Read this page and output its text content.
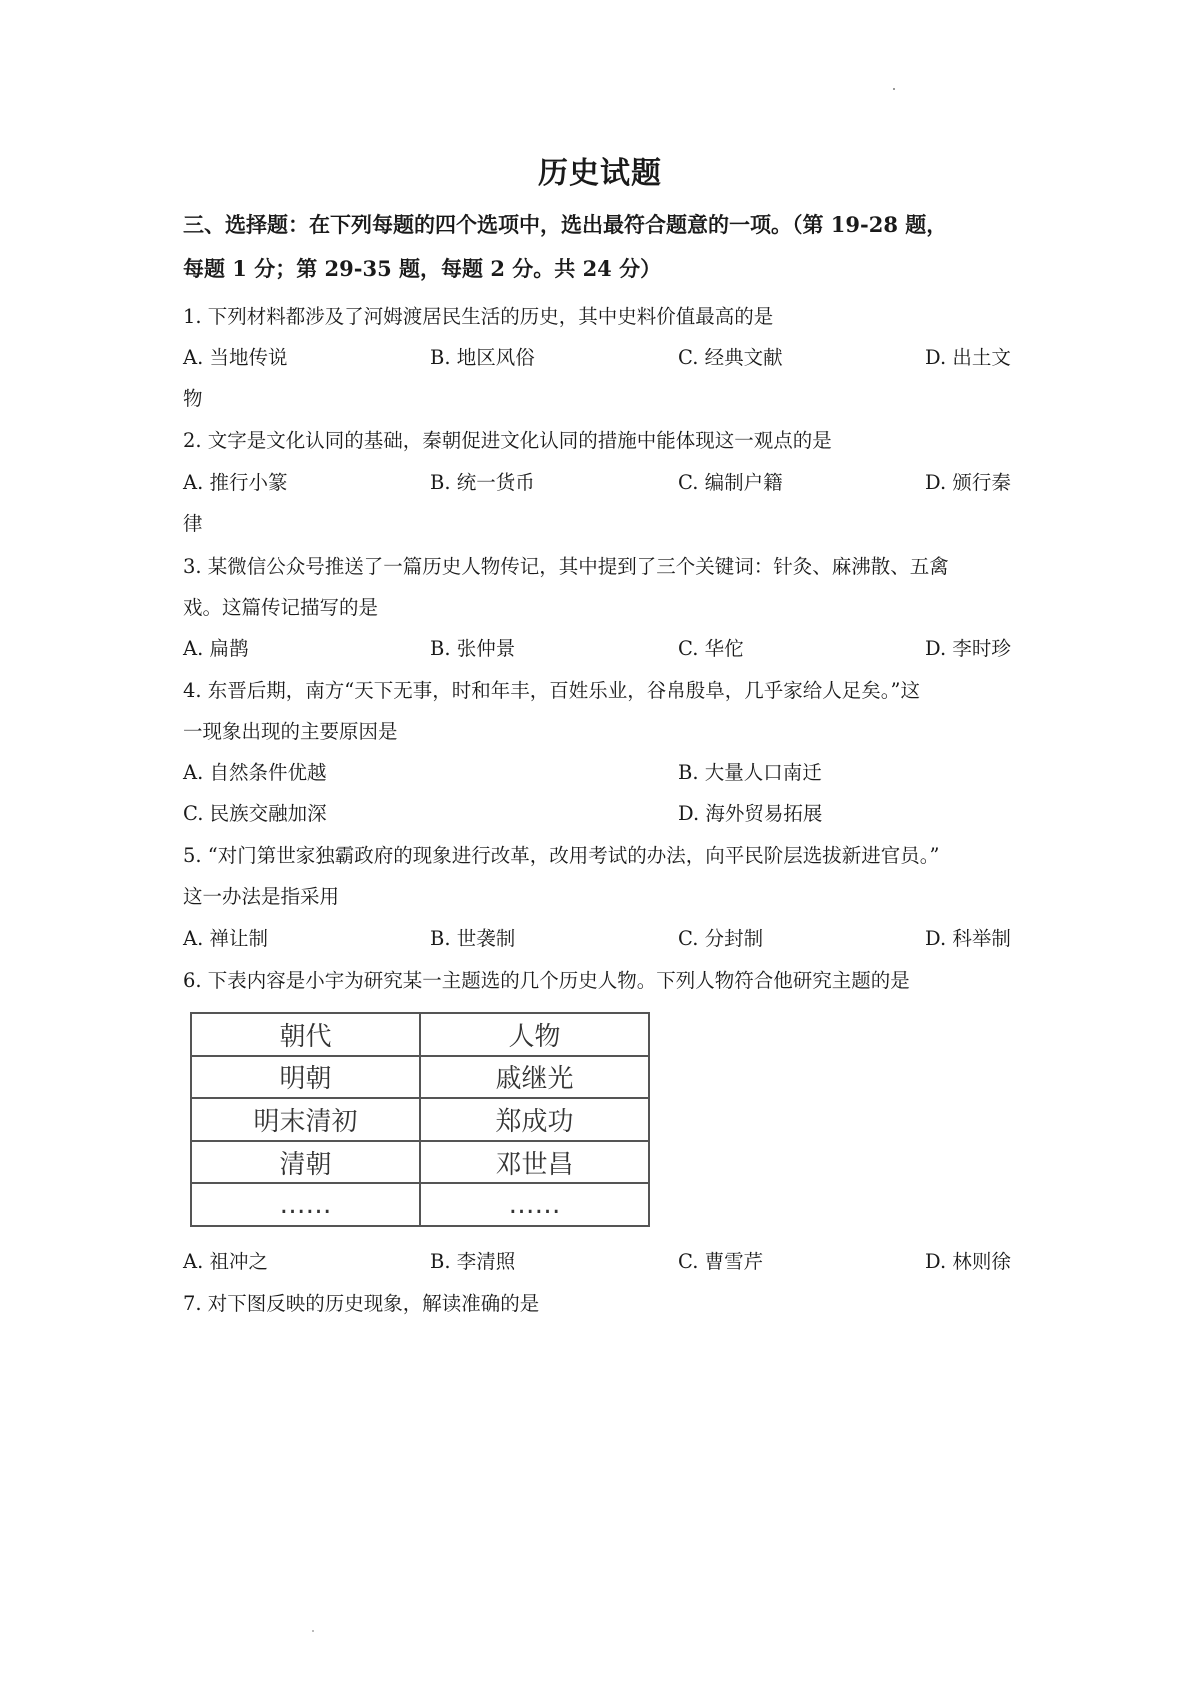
历史试题
三、选择题：在下列每题的四个选项中，选出最符合题意的一项。（第 19-28 题，
每题 1 分；第 29-35 题，每题 2 分。共 24 分）
1. 下列材料都涉及了河姆渡居民生活的历史，其中史料价值最高的是
A. 当地传说	B. 地区风俗	C. 经典文献	D. 出土文
物
2. 文字是文化认同的基础，秦朝促进文化认同的措施中能体现这一观点的是
A. 推行小篆	B. 统一货币	C. 编制户籍	D. 颁行秦
律
3. 某微信公众号推送了一篇历史人物传记，其中提到了三个关键词：针灸、麻沸散、五禽
戏。这篇传记描写的是
A. 扁鹊	B. 张仲景	C. 华佗	D. 李时珍
4. 东晋后期，南方“天下无事，时和年丰，百姓乐业，谷帛殷阜，几乎家给人足矣。”这
一现象出现的主要原因是
A. 自然条件优越	B. 大量人口南迁
C. 民族交融加深	D. 海外贸易拓展
5. “对门第世家独霸政府的现象进行改革，改用考试的办法，向平民阶层选拔新进官员。”
这一办法是指采用
A. 禅让制	B. 世袭制	C. 分封制	D. 科举制
6. 下表内容是小宇为研究某一主题选的几个历史人物。下列人物符合他研究主题的是
朝代	人物
明朝	戚继光
明末清初	郑成功
清朝	邓世昌
……	……
A. 祖冲之	B. 李清照	C. 曹雪芹	D. 林则徐
7. 对下图反映的历史现象，解读准确的是
